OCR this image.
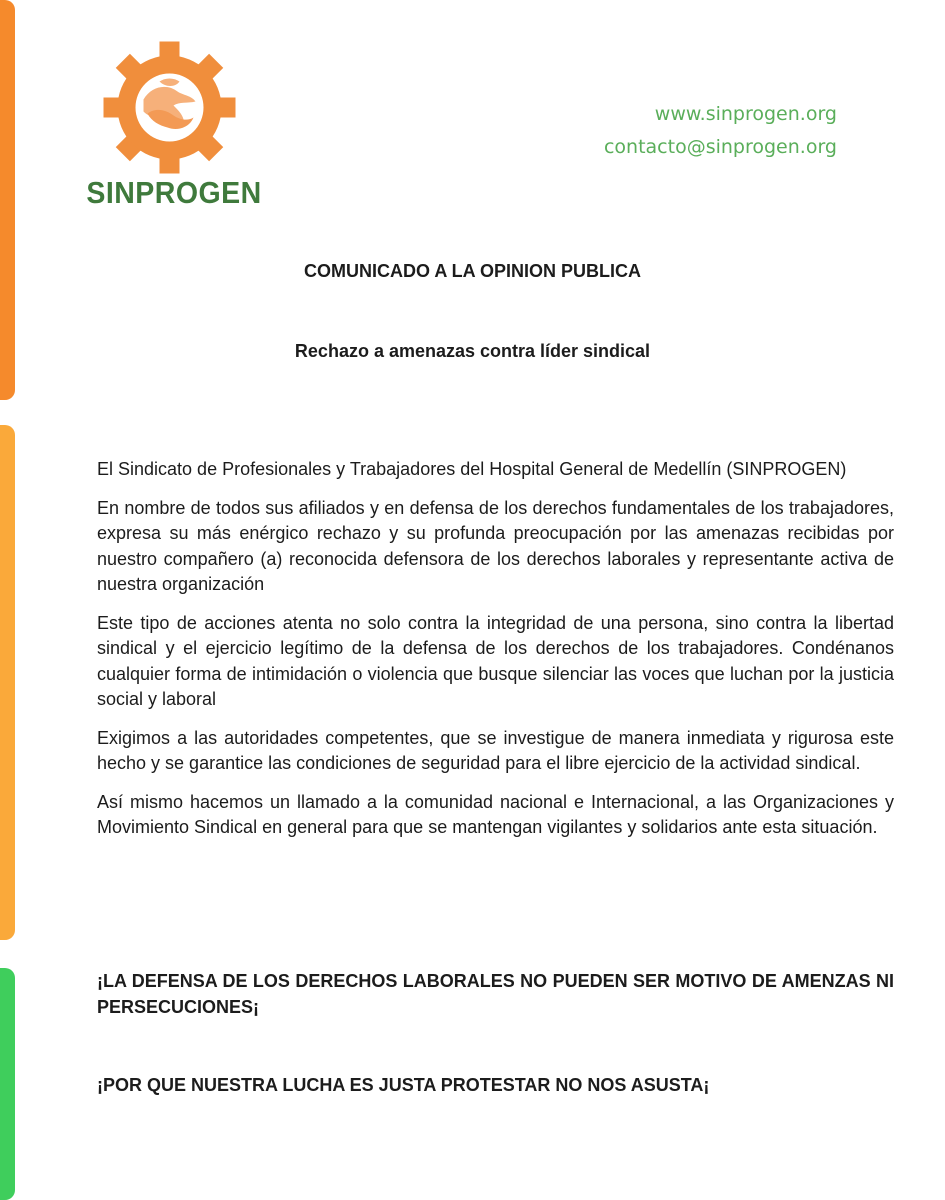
SINPROGEN
www.sinprogen.org
contacto@sinprogen.org
COMUNICADO A LA OPINION PUBLICA
Rechazo a amenazas contra líder sindical

El Sindicato de Profesionales y Trabajadores del Hospital General de Medellín (SINPROGEN)

En nombre de todos sus afiliados y en defensa de los derechos fundamentales de los trabajadores, expresa su más enérgico rechazo y su profunda preocupación por las amenazas recibidas por nuestro compañero (a) reconocida defensora de los derechos laborales y representante activa de nuestra organización

Este tipo de acciones atenta no solo contra la integridad de una persona, sino contra la libertad sindical y el ejercicio legítimo de la defensa de los derechos de los trabajadores. Condénanos cualquier forma de intimidación o violencia que busque silenciar las voces que luchan por la justicia social y laboral

Exigimos a las autoridades competentes, que se investigue de manera inmediata y rigurosa este hecho y se garantice las condiciones de seguridad para el libre ejercicio de la actividad sindical.

Así mismo hacemos un llamado a la comunidad nacional e Internacional, a las Organizaciones y Movimiento Sindical en general para que se mantengan vigilantes y solidarios ante esta situación.

¡LA DEFENSA DE LOS DERECHOS LABORALES NO PUEDEN SER MOTIVO DE AMENZAS NI PERSECUCIONES¡
¡POR QUE NUESTRA LUCHA ES JUSTA PROTESTAR NO NOS ASUSTA¡
